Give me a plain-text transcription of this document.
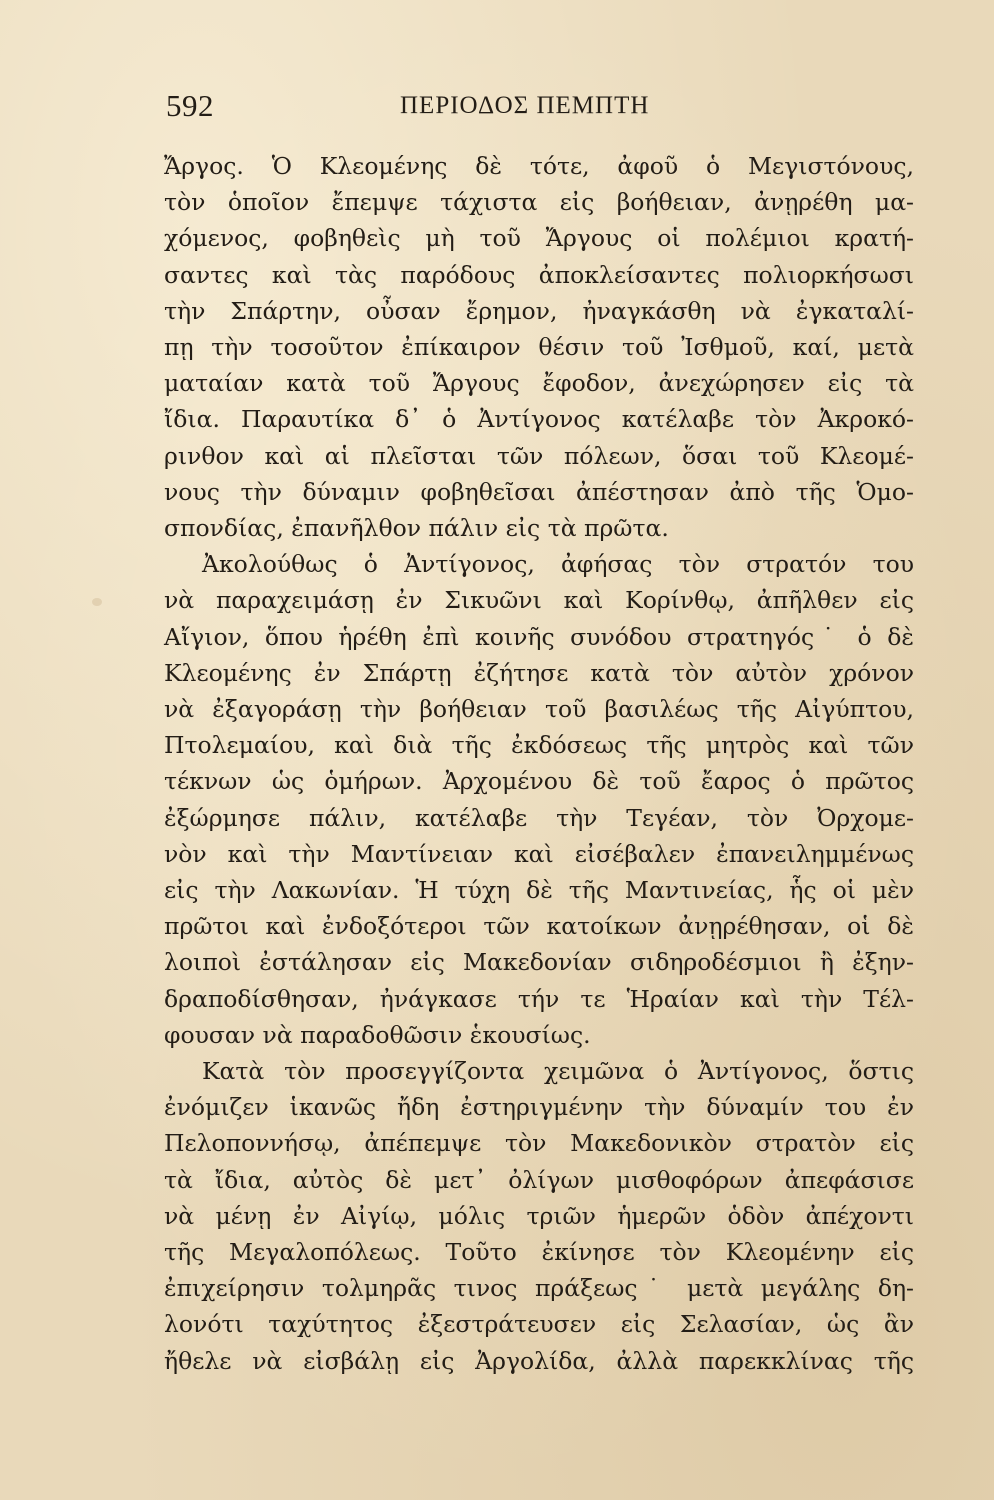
592	ΠΕΡΙΟΔΟΣ ΠΕΜΠΤΗ
Ἄργος. Ὁ Κλεομένης δὲ τότε, ἀφοῦ ὁ Μεγιστόνους,
τὸν ὁποῖον ἔπεμψε τάχιστα εἰς βοήθειαν, ἀνῃρέθη μα-
χόμενος, φοβηθεὶς μὴ τοῦ Ἄργους οἱ πολέμιοι κρατή-
σαντες καὶ τὰς παρόδους ἀποκλείσαντες πολιορκήσωσι
τὴν Σπάρτην, οὖσαν ἔρημον, ἠναγκάσθη νὰ ἐγκαταλί-
πῃ τὴν τοσοῦτον ἐπίκαιρον θέσιν τοῦ Ἰσθμοῦ, καί, μετὰ
ματαίαν κατὰ τοῦ Ἄργους ἔφοδον, ἀνεχώρησεν εἰς τὰ
ἴδια. Παραυτίκα δ᾽ ὁ Ἀντίγονος κατέλαβε τὸν Ἀκροκό-
ρινθον καὶ αἱ πλεῖσται τῶν πόλεων, ὅσαι τοῦ Κλεομέ-
νους τὴν δύναμιν φοβηθεῖσαι ἀπέστησαν ἀπὸ τῆς Ὁμο-
σπονδίας, ἐπανῆλθον πάλιν εἰς τὰ πρῶτα.
Ἀκολούθως ὁ Ἀντίγονος, ἀφήσας τὸν στρατόν του
νὰ παραχειμάσῃ ἐν Σικυῶνι καὶ Κορίνθῳ, ἀπῆλθεν εἰς
Αἴγιον, ὅπου ἡρέθη ἐπὶ κοινῆς συνόδου στρατηγός˙ ὁ δὲ
Κλεομένης ἐν Σπάρτῃ ἐζήτησε κατὰ τὸν αὐτὸν χρόνον
νὰ ἐξαγοράσῃ τὴν βοήθειαν τοῦ βασιλέως τῆς Αἰγύπτου,
Πτολεμαίου, καὶ διὰ τῆς ἐκδόσεως τῆς μητρὸς καὶ τῶν
τέκνων ὡς ὁμήρων. Ἀρχομένου δὲ τοῦ ἔαρος ὁ πρῶτος
ἐξώρμησε πάλιν, κατέλαβε τὴν Τεγέαν, τὸν Ὀρχομε-
νὸν καὶ τὴν Μαντίνειαν καὶ εἰσέβαλεν ἐπανειλημμένως
εἰς τὴν Λακωνίαν. Ἡ τύχη δὲ τῆς Μαντινείας, ἧς οἱ μὲν
πρῶτοι καὶ ἐνδοξότεροι τῶν κατοίκων ἀνῃρέθησαν, οἱ δὲ
λοιποὶ ἐστάλησαν εἰς Μακεδονίαν σιδηροδέσμιοι ἢ ἐξην-
δραποδίσθησαν, ἠνάγκασε τήν τε Ἡραίαν καὶ τὴν Τέλ-
φουσαν νὰ παραδοθῶσιν ἑκουσίως.
Κατὰ τὸν προσεγγίζοντα χειμῶνα ὁ Ἀντίγονος, ὅστις
ἐνόμιζεν ἱκανῶς ἤδη ἐστηριγμένην τὴν δύναμίν του ἐν
Πελοποννήσῳ, ἀπέπεμψε τὸν Μακεδονικὸν στρατὸν εἰς
τὰ ἴδια, αὐτὸς δὲ μετ᾽ ὀλίγων μισθοφόρων ἀπεφάσισε
νὰ μένῃ ἐν Αἰγίῳ, μόλις τριῶν ἡμερῶν ὁδὸν ἀπέχοντι
τῆς Μεγαλοπόλεως. Τοῦτο ἐκίνησε τὸν Κλεομένην εἰς
ἐπιχείρησιν τολμηρᾶς τινος πράξεως˙ μετὰ μεγάλης δη-
λονότι ταχύτητος ἐξεστράτευσεν εἰς Σελασίαν, ὡς ἂν
ἤθελε νὰ εἰσβάλῃ εἰς Ἀργολίδα, ἀλλὰ παρεκκλίνας τῆς
